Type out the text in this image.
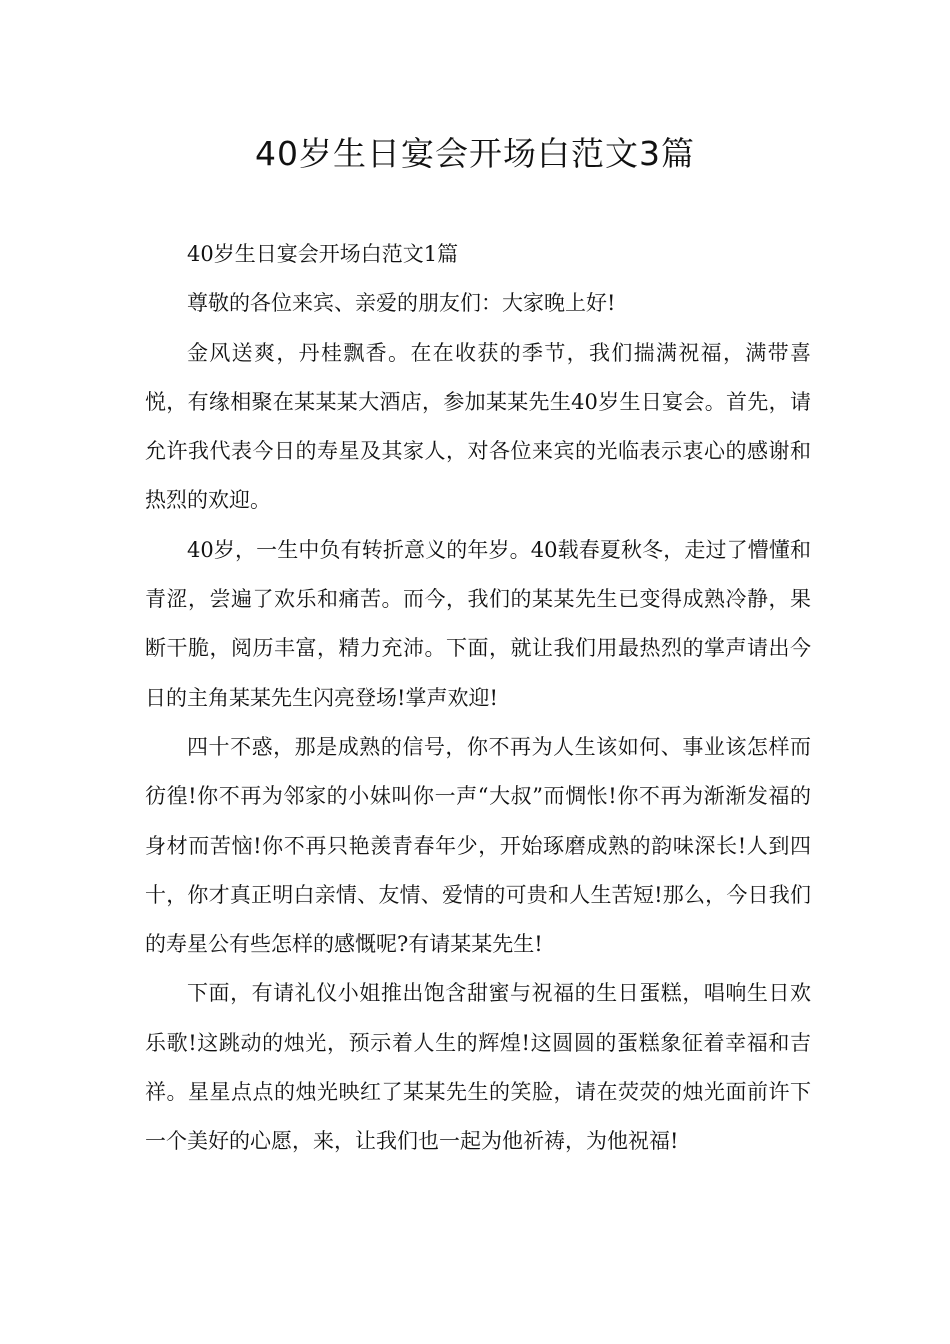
40岁生日宴会开场白范文3篇

40岁生日宴会开场白范文1篇

尊敬的各位来宾、亲爱的朋友们：大家晚上好!

金风送爽，丹桂飘香。在在收获的季节，我们揣满祝福，满带喜悦，有缘相聚在某某某大酒店，参加某某先生40岁生日宴会。首先，请允许我代表今日的寿星及其家人，对各位来宾的光临表示衷心的感谢和热烈的欢迎。

40岁，一生中负有转折意义的年岁。40载春夏秋冬，走过了懵懂和青涩，尝遍了欢乐和痛苦。而今，我们的某某先生已变得成熟冷静，果断干脆，阅历丰富，精力充沛。下面，就让我们用最热烈的掌声请出今日的主角某某先生闪亮登场!掌声欢迎!

四十不惑，那是成熟的信号，你不再为人生该如何、事业该怎样而彷徨!你不再为邻家的小妹叫你一声“大叔”而惆怅!你不再为渐渐发福的身材而苦恼!你不再只艳羡青春年少，开始琢磨成熟的韵味深长!人到四十，你才真正明白亲情、友情、爱情的可贵和人生苦短!那么，今日我们的寿星公有些怎样的感慨呢?有请某某先生!

下面，有请礼仪小姐推出饱含甜蜜与祝福的生日蛋糕，唱响生日欢乐歌!这跳动的烛光，预示着人生的辉煌!这圆圆的蛋糕象征着幸福和吉祥。星星点点的烛光映红了某某先生的笑脸，请在荧荧的烛光面前许下一个美好的心愿，来，让我们也一起为他祈祷，为他祝福!
